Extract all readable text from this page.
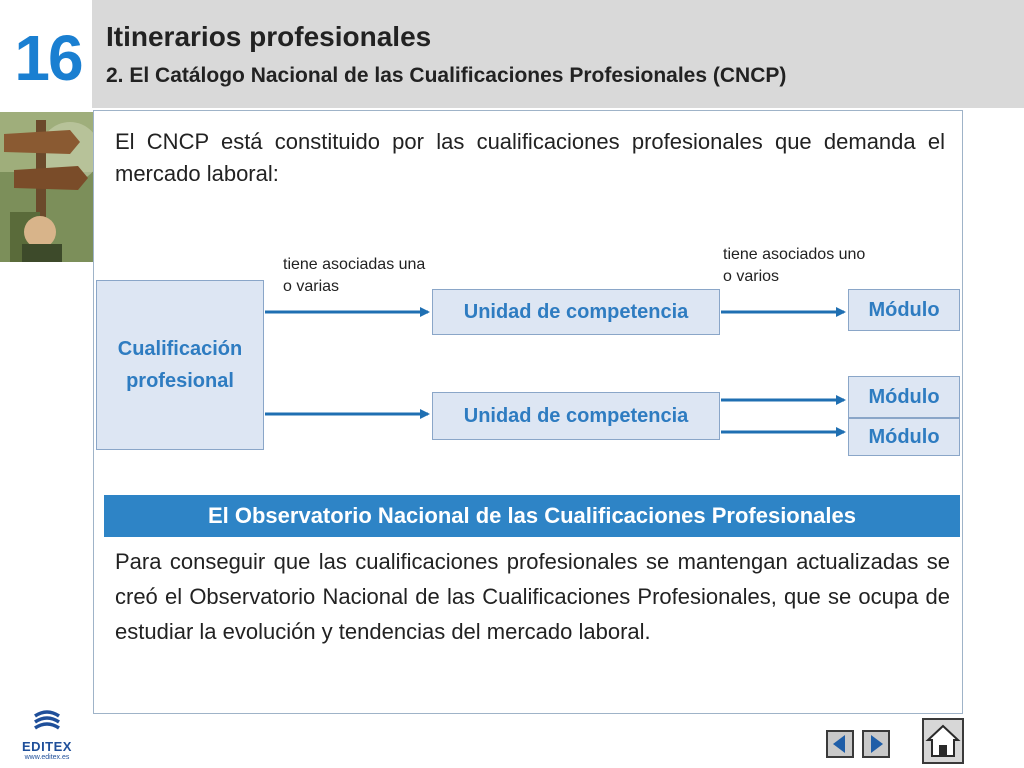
16 Itinerarios profesionales
2. El Catálogo Nacional de las Cualificaciones Profesionales (CNCP)
El CNCP está constituido por las cualificaciones profesionales que demanda el mercado laboral:
Cualificación profesional
Unidad de competencia
Unidad de competencia
Módulo
Módulo
Módulo
tiene asociadas una o varias
tiene asociados uno o varios
El Observatorio Nacional de las Cualificaciones Profesionales
Para conseguir que las cualificaciones profesionales se mantengan actualizadas se creó el Observatorio Nacional de las Cualificaciones Profesionales, que se ocupa de estudiar la evolución y tendencias del mercado laboral.
EDITEX
www.editex.es
